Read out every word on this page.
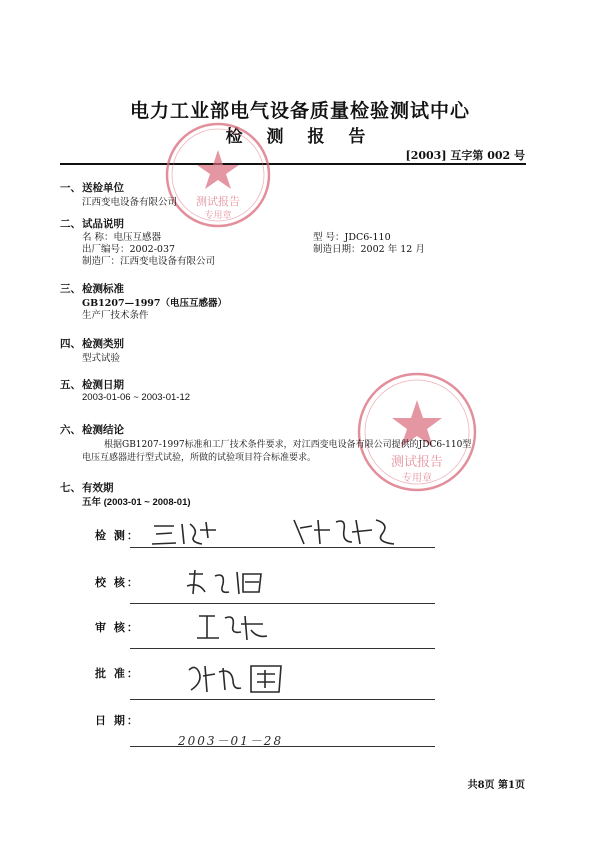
电力工业部电气设备质量检验测试中心
检 测 报 告
[2003] 互字第 002 号
测试报告
专用章
测试报告
专用章
一、送检单位
江西变电设备有限公司
二、试品说明
名 称：电压互感器	型 号：JDC6-110
出厂编号：2002-037	制造日期：2002 年 12 月
制造厂：江西变电设备有限公司
三、检测标准
GB1207—1997（电压互感器）
生产厂技术条件
四、检测类别
型式试验
五、检测日期
2003-01-06 ~ 2003-01-12
六、检测结论
根据GB1207-1997标准和工厂技术条件要求，对江西变电设备有限公司提供的JDC6-110型
电压互感器进行型式试验，所做的试验项目符合标准要求。
七、有效期
五年 (2003-01 ~ 2008-01)
检 测：
校 核：
审 核：
批 准：
日 期：
2003－01－28
共8页 第1页
